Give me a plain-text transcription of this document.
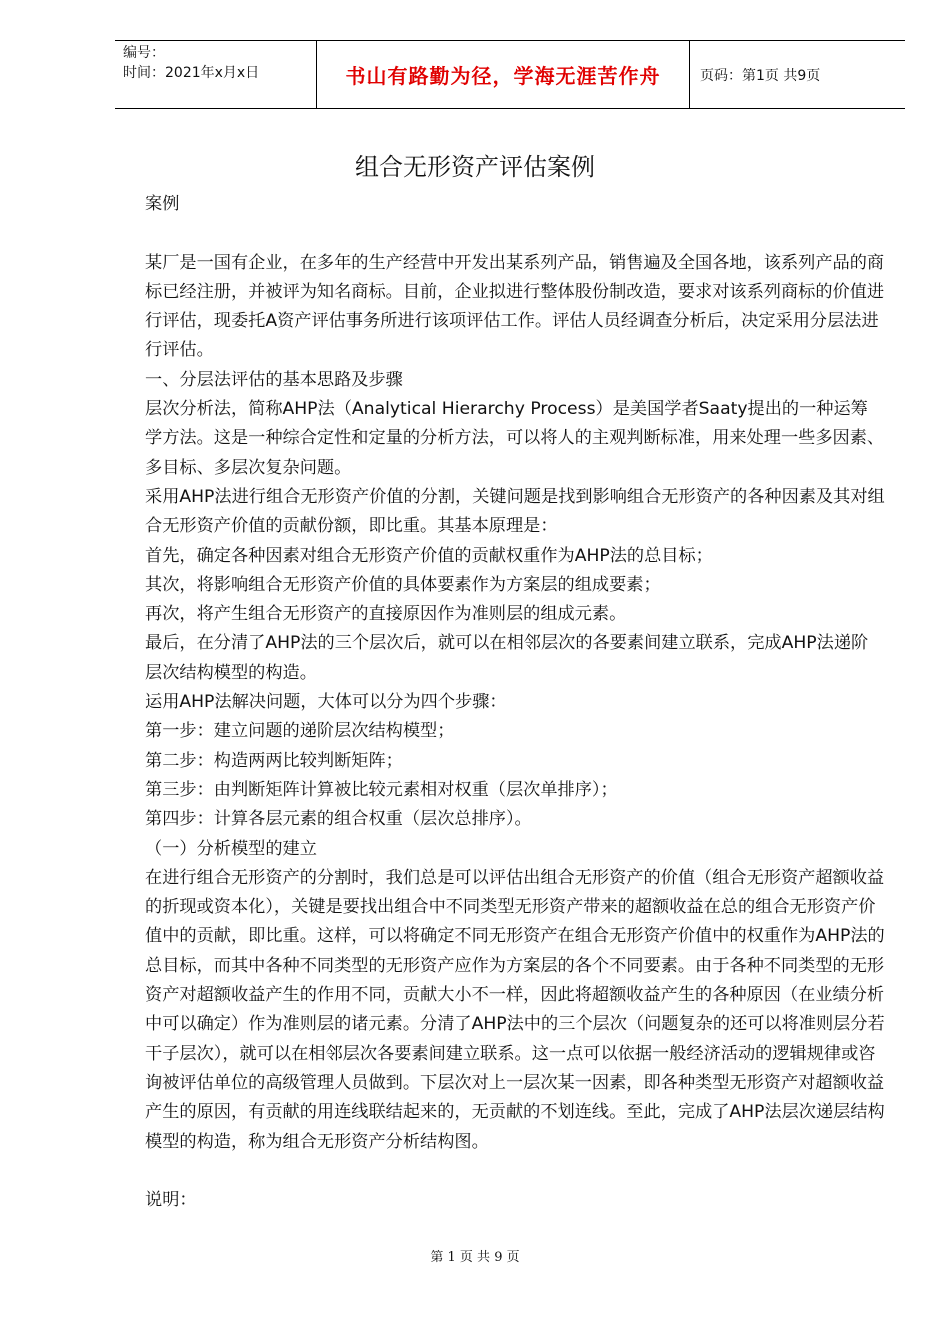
编号：
时间：2021年x月x日	书山有路勤为径，学海无涯苦作舟	页码：第1页 共9页
组合无形资产评估案例

案例

某厂是一国有企业，在多年的生产经营中开发出某系列产品，销售遍及全国各地，该系列产品的商标已经注册，并被评为知名商标。目前，企业拟进行整体股份制改造，要求对该系列商标的价值进行评估，现委托A资产评估事务所进行该项评估工作。评估人员经调查分析后，决定采用分层法进行评估。

一、分层法评估的基本思路及步骤

层次分析法，简称AHP法（Analytical Hierarchy Process）是美国学者Saaty提出的一种运筹学方法。这是一种综合定性和定量的分析方法，可以将人的主观判断标准，用来处理一些多因素、多目标、多层次复杂问题。

采用AHP法进行组合无形资产价值的分割，关键问题是找到影响组合无形资产的各种因素及其对组合无形资产价值的贡献份额，即比重。其基本原理是：

首先，确定各种因素对组合无形资产价值的贡献权重作为AHP法的总目标；

其次，将影响组合无形资产价值的具体要素作为方案层的组成要素；

再次，将产生组合无形资产的直接原因作为准则层的组成元素。

最后，在分清了AHP法的三个层次后，就可以在相邻层次的各要素间建立联系，完成AHP法递阶层次结构模型的构造。

运用AHP法解决问题，大体可以分为四个步骤：

第一步：建立问题的递阶层次结构模型；

第二步：构造两两比较判断矩阵；

第三步：由判断矩阵计算被比较元素相对权重（层次单排序）；

第四步：计算各层元素的组合权重（层次总排序）。

（一）分析模型的建立

在进行组合无形资产的分割时，我们总是可以评估出组合无形资产的价值（组合无形资产超额收益的折现或资本化），关键是要找出组合中不同类型无形资产带来的超额收益在总的组合无形资产价值中的贡献，即比重。这样，可以将确定不同无形资产在组合无形资产价值中的权重作为AHP法的总目标，而其中各种不同类型的无形资产应作为方案层的各个不同要素。由于各种不同类型的无形资产对超额收益产生的作用不同，贡献大小不一样，因此将超额收益产生的各种原因（在业绩分析中可以确定）作为准则层的诸元素。分清了AHP法中的三个层次（问题复杂的还可以将准则层分若干子层次），就可以在相邻层次各要素间建立联系。这一点可以依据一般经济活动的逻辑规律或咨询被评估单位的高级管理人员做到。下层次对上一层次某一因素，即各种类型无形资产对超额收益产生的原因，有贡献的用连线联结起来的，无贡献的不划连线。至此，完成了AHP法层次递层结构模型的构造，称为组合无形资产分析结构图。

说明：

第 1 页 共 9 页
